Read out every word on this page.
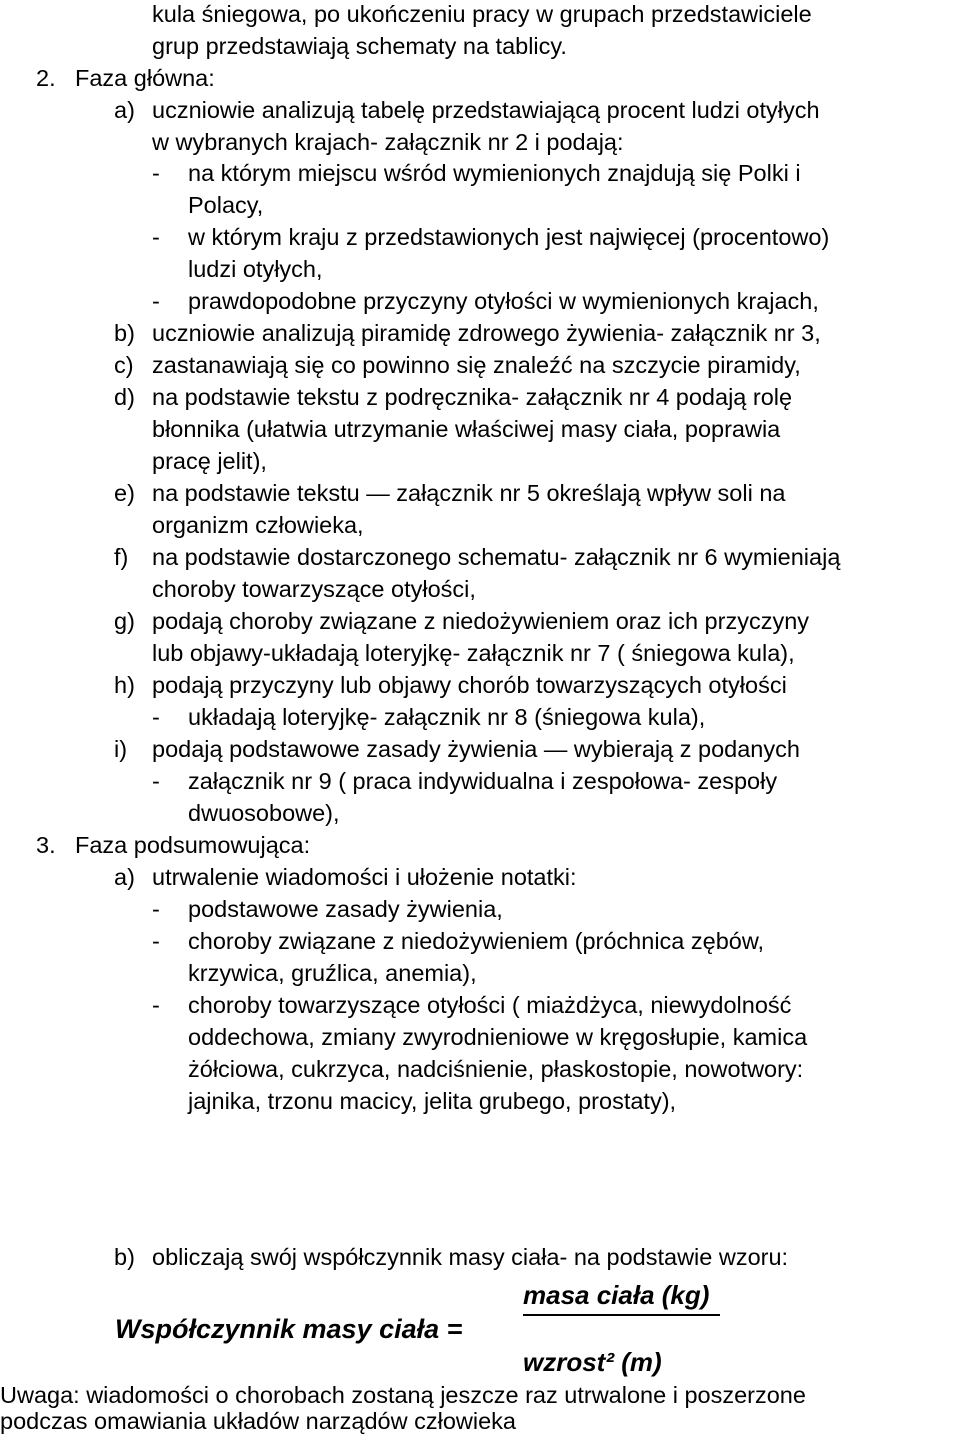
kula śniegowa, po ukończeniu pracy w grupach przedstawiciele
grup przedstawiają schematy na tablicy.
2. Faza główna:
a) uczniowie analizują tabelę przedstawiającą procent ludzi otyłych
w wybranych krajach- załącznik nr 2 i podają:
- na którym miejscu wśród wymienionych znajdują się Polki i
Polacy,
- w którym kraju z przedstawionych jest najwięcej (procentowo)
ludzi otyłych,
- prawdopodobne przyczyny otyłości w wymienionych krajach,
b) uczniowie analizują piramidę zdrowego żywienia- załącznik nr 3,
c) zastanawiają się co powinno się znaleźć na szczycie piramidy,
d) na podstawie tekstu z podręcznika- załącznik nr 4 podają rolę
błonnika (ułatwia utrzymanie właściwej masy ciała, poprawia
pracę jelit),
e) na podstawie tekstu — załącznik nr 5 określają wpływ soli na
organizm człowieka,
f) na podstawie dostarczonego schematu- załącznik nr 6 wymieniają
choroby towarzyszące otyłości,
g) podają choroby związane z niedożywieniem oraz ich przyczyny
lub objawy-układają loteryjkę- załącznik nr 7 ( śniegowa kula),
h) podają przyczyny lub objawy chorób towarzyszących otyłości
- układają loteryjkę- załącznik nr 8 (śniegowa kula),
i) podają podstawowe zasady żywienia — wybierają z podanych
- załącznik nr 9 ( praca indywidualna i zespołowa- zespoły
dwuosobowe),
3. Faza podsumowująca:
a) utrwalenie wiadomości i ułożenie notatki:
- podstawowe zasady żywienia,
- choroby związane z niedożywieniem (próchnica zębów,
krzywica, gruźlica, anemia),
- choroby towarzyszące otyłości ( miażdżyca, niewydolność
oddechowa, zmiany zwyrodnieniowe w kręgosłupie, kamica
żółciowa, cukrzyca, nadciśnienie, płaskostopie, nowotwory:
jajnika, trzonu macicy, jelita grubego, prostaty),
b) obliczają swój współczynnik masy ciała- na podstawie wzoru:
masa ciała (kg)
Współczynnik masy ciała =
wzrost² (m)
Uwaga: wiadomości o chorobach zostaną jeszcze raz utrwalone i poszerzone
podczas omawiania układów narządów człowieka
